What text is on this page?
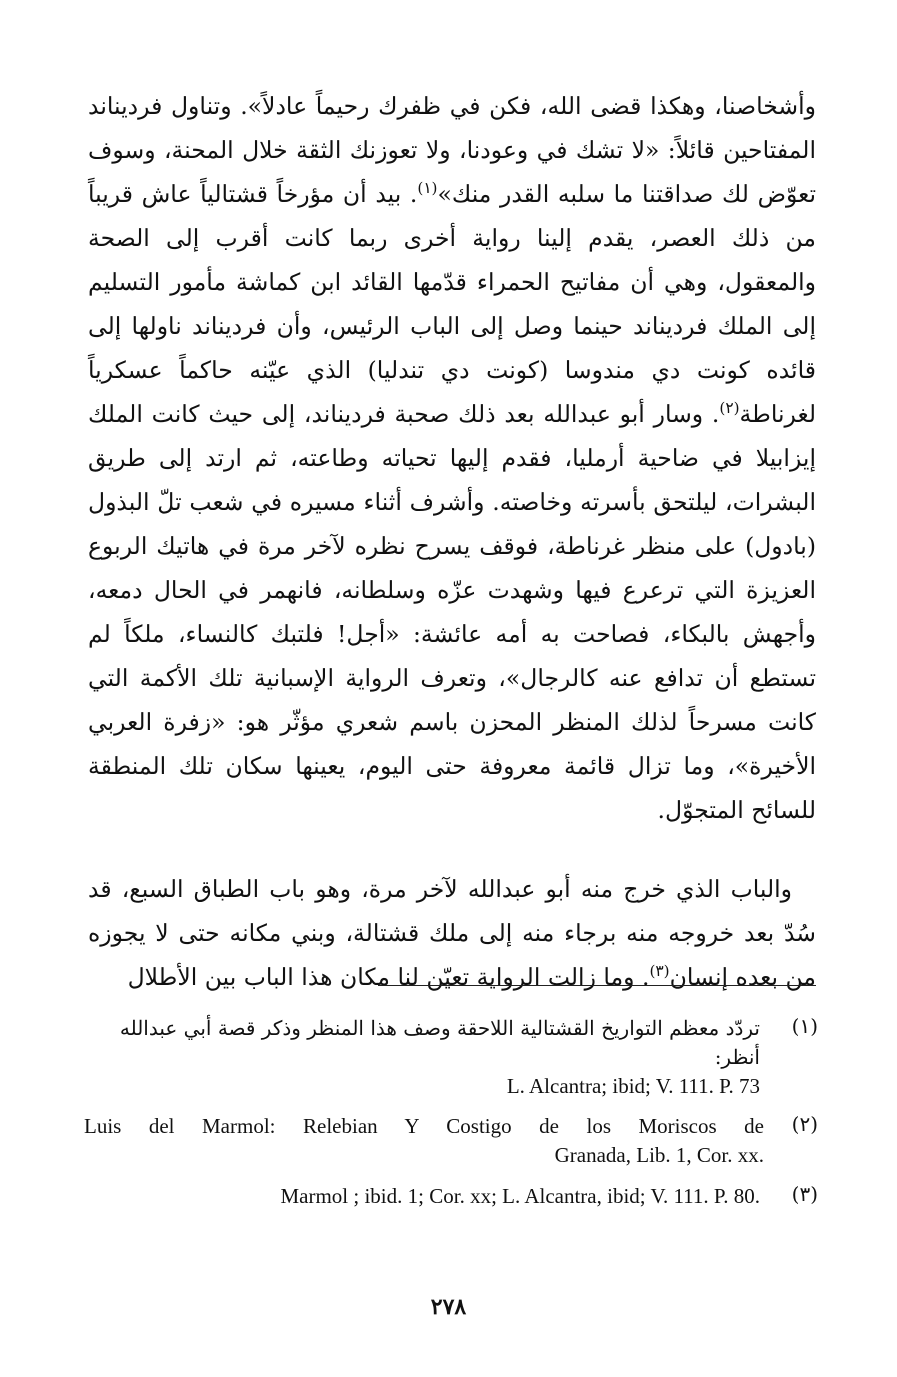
وأشخاصنا، وهكذا قضى الله، فكن في ظفرك رحيماً عادلاً». وتناول فرديناند المفتاحين قائلاً: «لا تشك في وعودنا، ولا تعوزنك الثقة خلال المحنة، وسوف تعوّض لك صداقتنا ما سلبه القدر منك»$^{(١)}$. بيد أن مؤرخاً قشتالياً عاش قريباً من ذلك العصر، يقدم إلينا رواية أخرى ربما كانت أقرب إلى الصحة والمعقول، وهي أن مفاتيح الحمراء قدّمها القائد ابن كماشة مأمور التسليم إلى الملك فرديناند حينما وصل إلى الباب الرئيس، وأن فرديناند ناولها إلى قائده كونت دي مندوسا (كونت دي تندليا) الذي عيّنه حاكماً عسكرياً لغرناطة$^{(٢)}$. وسار أبو عبدالله بعد ذلك صحبة فرديناند، إلى حيث كانت الملك إيزابيلا في ضاحية أرمليا، فقدم إليها تحياته وطاعته، ثم ارتد إلى طريق البشرات، ليلتحق بأسرته وخاصته. وأشرف أثناء مسيره في شعب تلّ البذول (بادول) على منظر غرناطة، فوقف يسرح نظره لآخر مرة في هاتيك الربوع العزيزة التي ترعرع فيها وشهدت عزّه وسلطانه، فانهمر في الحال دمعه، وأجهش بالبكاء، فصاحت به أمه عائشة: «أجل! فلتبك كالنساء، ملكاً لم تستطع أن تدافع عنه كالرجال»، وتعرف الرواية الإسبانية تلك الأكمة التي كانت مسرحاً لذلك المنظر المحزن باسم شعري مؤثّر هو: «زفرة العربي الأخيرة»، وما تزال قائمة معروفة حتى اليوم، يعينها سكان تلك المنطقة للسائح المتجوّل.

والباب الذي خرج منه أبو عبدالله لآخر مرة، وهو باب الطباق السبع، قد سُدّ بعد خروجه منه برجاء منه إلى ملك قشتالة، وبني مكانه حتى لا يجوزه من بعده إنسان$^{(٣)}$. وما زالت الرواية تعيّن لنا مكان هذا الباب بين الأطلال

(١)
تردّد معظم التواريخ القشتالية اللاحقة وصف هذا المنظر وذكر قصة أبي عبدالله أنظر:
L. Alcantra; ibid; V. 111. P. 73
(٢)
Luis del Marmol: Relebian Y Costigo de los Moriscos de
Granada, Lib. 1, Cor. xx.
(٣)
Marmol ; ibid. 1; Cor. xx; L. Alcantra, ibid; V. 111. P. 80.
٢٧٨
